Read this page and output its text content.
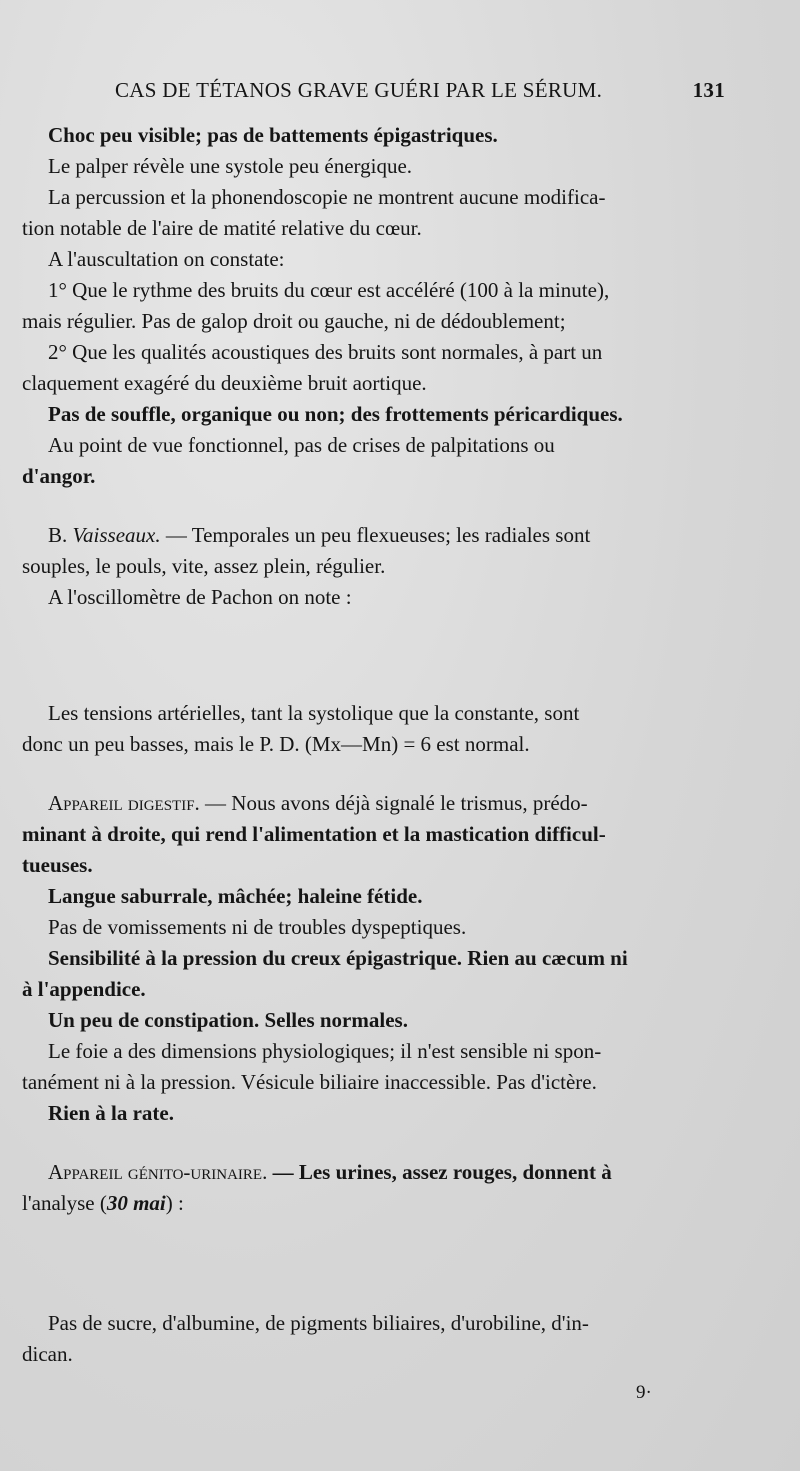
CAS DE TÉTANOS GRAVE GUÉRI PAR LE SÉRUM.	131
Choc peu visible; pas de battements épigastriques.
Le palper révèle une systole peu énergique.
La percussion et la phonendoscopie ne montrent aucune modifica-
tion notable de l'aire de matité relative du cœur.
A l'auscultation on constate:
1° Que le rythme des bruits du cœur est accéléré (100 à la minute),
mais régulier. Pas de galop droit ou gauche, ni de dédoublement;
2° Que les qualités acoustiques des bruits sont normales, à part un
claquement exagéré du deuxième bruit aortique.
Pas de souffle, organique ou non; des frottements péricardiques.
Au point de vue fonctionnel, pas de crises de palpitations ou
d'angor.
B. Vaisseaux. — Temporales un peu flexueuses; les radiales sont
souples, le pouls, vite, assez plein, régulier.
A l'oscillomètre de Pachon on note :
Les tensions artérielles, tant la systolique que la constante, sont
donc un peu basses, mais le P. D. (Mx—Mn) = 6 est normal.
Appareil digestif. — Nous avons déjà signalé le trismus, prédo-
minant à droite, qui rend l'alimentation et la mastication difficul-
tueuses.
Langue saburrale, mâchée; haleine fétide.
Pas de vomissements ni de troubles dyspeptiques.
Sensibilité à la pression du creux épigastrique. Rien au cæcum ni
à l'appendice.
Un peu de constipation. Selles normales.
Le foie a des dimensions physiologiques; il n'est sensible ni spon-
tanément ni à la pression. Vésicule biliaire inaccessible. Pas d'ictère.
Rien à la rate.
Appareil génito-urinaire. — Les urines, assez rouges, donnent à
l'analyse (30 mai) :
Pas de sucre, d'albumine, de pigments biliaires, d'urobiline, d'in-
dican.
9·
